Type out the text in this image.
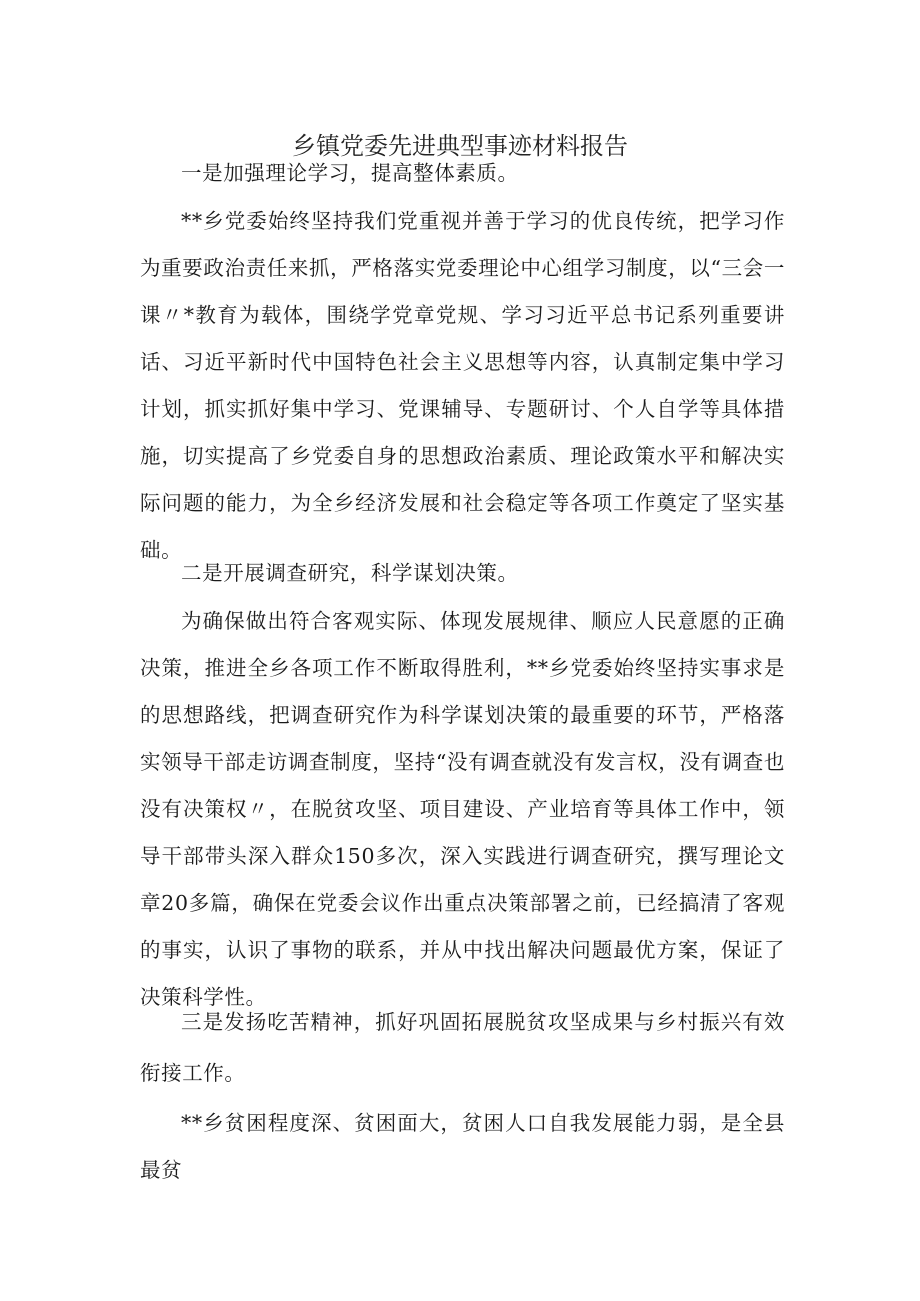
乡镇党委先进典型事迹材料报告
一是加强理论学习，提高整体素质。
**乡党委始终坚持我们党重视并善于学习的优良传统，把学习作为重要政治责任来抓，严格落实党委理论中心组学习制度，以“三会一课〃*教育为载体，围绕学党章党规、学习习近平总书记系列重要讲话、习近平新时代中国特色社会主义思想等内容，认真制定集中学习计划，抓实抓好集中学习、党课辅导、专题研讨、个人自学等具体措施，切实提高了乡党委自身的思想政治素质、理论政策水平和解决实际问题的能力，为全乡经济发展和社会稳定等各项工作奠定了坚实基础。
二是开展调查研究，科学谋划决策。
为确保做出符合客观实际、体现发展规律、顺应人民意愿的正确决策，推进全乡各项工作不断取得胜利，**乡党委始终坚持实事求是的思想路线，把调查研究作为科学谋划决策的最重要的环节，严格落实领导干部走访调查制度，坚持“没有调查就没有发言权，没有调查也没有决策权〃，在脱贫攻坚、项目建设、产业培育等具体工作中，领导干部带头深入群众150多次，深入实践进行调查研究，撰写理论文章20多篇，确保在党委会议作出重点决策部署之前，已经搞清了客观的事实，认识了事物的联系，并从中找出解决问题最优方案，保证了决策科学性。
三是发扬吃苦精神，抓好巩固拓展脱贫攻坚成果与乡村振兴有效衔接工作。
**乡贫困程度深、贫困面大，贫困人口自我发展能力弱，是全县最贫
